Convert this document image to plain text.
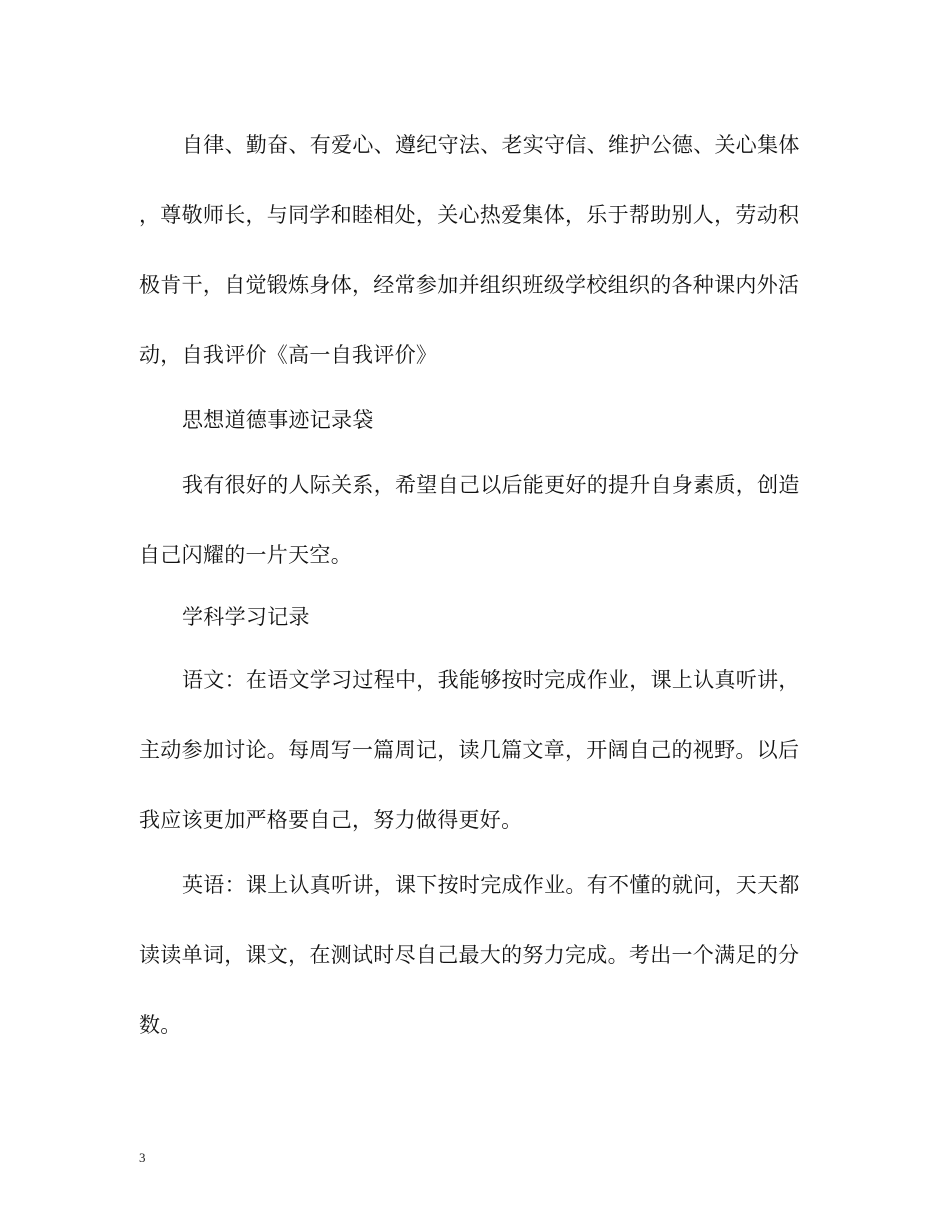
自律、勤奋、有爱心、遵纪守法、老实守信、维护公德、关心集体
，尊敬师长，与同学和睦相处，关心热爱集体，乐于帮助别人，劳动积
极肯干，自觉锻炼身体，经常参加并组织班级学校组织的各种课内外活
动，自我评价《高一自我评价》
思想道德事迹记录袋
我有很好的人际关系，希望自己以后能更好的提升自身素质，创造
自己闪耀的一片天空。
学科学习记录
语文：在语文学习过程中，我能够按时完成作业，课上认真听讲，
主动参加讨论。每周写一篇周记，读几篇文章，开阔自己的视野。以后
我应该更加严格要自己，努力做得更好。
英语：课上认真听讲，课下按时完成作业。有不懂的就问，天天都
读读单词，课文，在测试时尽自己最大的努力完成。考出一个满足的分
数。
3
